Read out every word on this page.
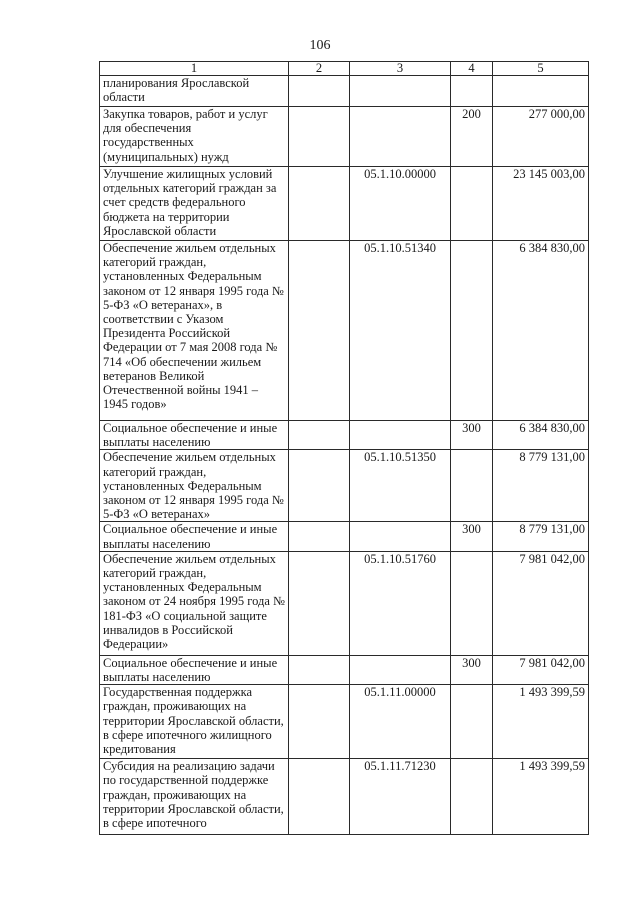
106
1	2	3	4	5
планирования Ярославской области				
Закупка товаров, работ и услуг для обеспечения государственных (муниципальных) нужд			200	277 000,00
Улучшение жилищных условий отдельных категорий граждан за счет средств федерального бюджета на территории Ярославской области		05.1.10.00000		23 145 003,00
Обеспечение жильем отдельных категорий граждан, установленных Федеральным законом от 12 января 1995 года № 5-ФЗ «О ветеранах», в соответствии с Указом Президента Российской Федерации от 7 мая 2008 года № 714 «Об обеспечении жильем ветеранов Великой Отечественной войны 1941 – 1945 годов»		05.1.10.51340		6 384 830,00
Социальное обеспечение и иные выплаты населению			300	6 384 830,00
Обеспечение жильем отдельных категорий граждан, установленных Федеральным законом от 12 января 1995 года № 5-ФЗ «О ветеранах»		05.1.10.51350		8 779 131,00
Социальное обеспечение и иные выплаты населению			300	8 779 131,00
Обеспечение жильем отдельных категорий граждан, установленных Федеральным законом от 24 ноября 1995 года № 181-ФЗ «О социальной защите инвалидов в Российской Федерации»		05.1.10.51760		7 981 042,00
Социальное обеспечение и иные выплаты населению			300	7 981 042,00
Государственная поддержка граждан, проживающих на территории Ярославской области, в сфере ипотечного жилищного кредитования		05.1.11.00000		1 493 399,59
Субсидия на реализацию задачи по государственной поддержке граждан, проживающих на территории Ярославской области, в сфере ипотечного		05.1.11.71230		1 493 399,59
